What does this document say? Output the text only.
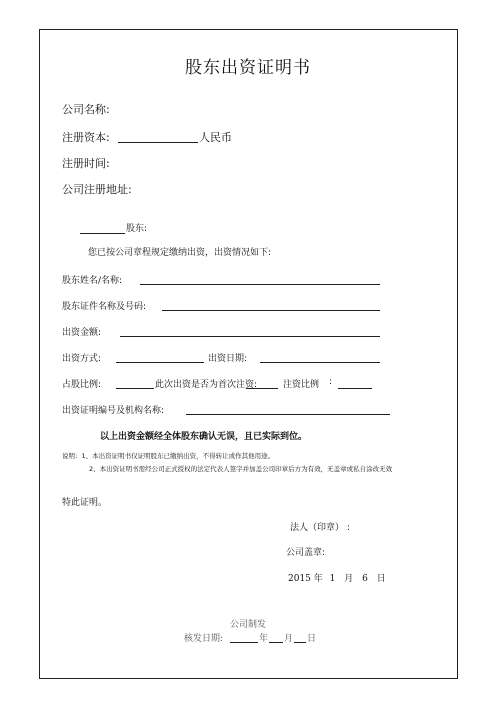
股东出资证明书
公司名称:
注册资本:	人民币
注册时间:
公司注册地址:
股东:
您已按公司章程规定缴纳出资，出资情况如下:
股东姓名/名称:
股东证件名称及号码:
出资金额:
出资方式:	出资日期:
占股比例:	此次出资是否为首次注资:	注资比例 :
出资证明编号及机构名称:
以上出资金额经全体股东确认无误，且已实际到位。
说明：1、本出资证明书仅证明股东已缴纳出资，不得转让或作其他用途。
2、本出资证明书需经公司正式授权的法定代表人签字并加盖公司印章后方为有效，无盖章或私自涂改无效
特此证明。
法人（印章） :
公司盖章:
2015 年 1 月 6 日
公司制发
核发日期:	年 月 日
